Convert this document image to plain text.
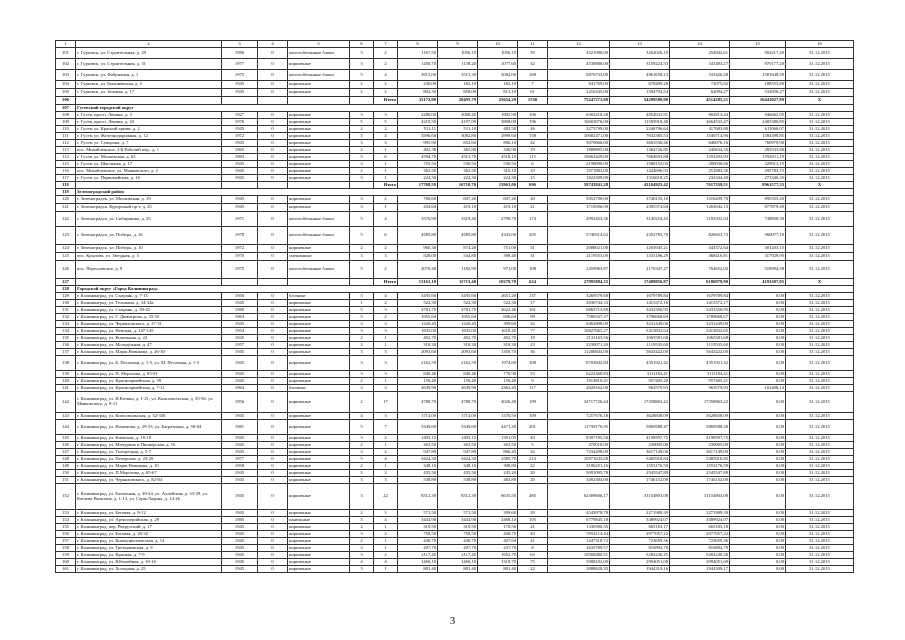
1	2	3	4	5	6	7	8	9	10	11	12	13	14	15	16
101	г. Гурьевск, ул. Строительная, д. 29	1986	0	железобетонные блоки	3	2	1167,50	1056,10	1056,10	50	4521086,00	3262026,19	254842,61	904217,20	31.12.2015
102	г. Гурьевск, ул. Строительная, д. 31	1977	0	кирпичные	3	2	1450,70	1138,20	1077,60	32	4530886,00	3159224,53	341484,27	970177,20	31.12.2015
103	г. Гурьевск, ул. Фабричная, д. 1	1975	0	железобетонные блоки	5	4	3915,00	3515,30	3082,00	168	6876733,00	4961658,23	333426,28	1581648,59	31.12.2015
104	г. Гурьевск, ул. Былинёвская, д. 2	1945	0	кирпичные	2	2	230,00	182,10	182,10	7	941769,00	678499,28	72075,82	188353,80	31.12.2015
105	г. Гурьевск, ул. Зеленая, д. 17	1945	0	кирпичные	2	2	802,30	858,00	813,10	61	2216345,00	1594794,54	62094,27	532856,27	31.12.2015
106						Итого	33172,00	28495,79	25654,29	1530	75247273,00	54299580,00	4514285,21	16441027,89	X
107	Гусевский городской округ														
108	г. Гусев, просп. Ленина, д. 3	1927	0	кирпичные	3	3	2286,00	2068,40	1905,90	106	6304418,28	4854941,91	802813,44	946662,95	31.12.2015
109	г. Гусев, просп. Ленина, д. 23	1976	0	кирпичные	5	5	4219,50	4197,00	3808,00	196	16603876,00	11583919,48	2664533,47	2405380,85	31.12.2015
110	г. Гусев, ул. Красной армии, д. 2	1945	0	кирпичные	2	2	511,11	511,10	482,50	26	3275799,00	2246796,64	417683,80	611066,07	31.12.2015
111	г. Гусев, ул. Железнодорожная, д. 12	1972	0	кирпичные	5	4	3596,60	3082,80	2999,60	158	10682471,00	7632385,53	1546714,96	1584399,85	31.12.2015
112	г. Гусев, ул. Суворова, д. 7	1945	0	кирпичные	3	3	995,90	852,60	806,10	42	5070666,00	3663536,46	646076,16	760979,90	31.12.2015
113	пос. Михайловское, 2-й Рабочий пер., д. 1	1965	0	кирпичные	2	1	402,38	365,80	330,90	19	1888895,00	1364726,85	240634,35	283533,80	31.12.2015
114	г. Гусев, ул. Московская, д. 63	1983	0	кирпичные	5	6	4594,70	4515,70	4518,10	115	10663429,00	7664693,88	1353203,93	1592011,19	31.12.2015
115	г. Гусев, ул. Школьная, д. 17	1945	0	кирпичные	3	1	755,50	530,50	530,50	6	2198090,00	1588152,03	280036,66	329913,19	31.12.2015
116	пос. Михайловское, ул. Маяковского, д. 2	1945	0	кирпичные	2	1	362,50	362,50	310,10	10	1971883,00	1424696,93	251683,36	295783,75	31.12.2015
117	г. Гусев, ул. Первомайская, д. 16	1945	0	кирпичные	3	1	224,30	224,30	224,30	15	1822309,00	1316618,25	232344,40	273346,35	31.12.2015
118						Итого	17768,59	16710,70	15963,00	696	59743841,28	43164925,42	7617339,51	8961577,55	X
119	Зеленоградский район														
120	г. Зеленоградск, ул. Московская, д. 19	1945	0	кирпичные	3	2	700,60	607,20	607,20	20	5952700,00	3746135,10	1316209,70	890355,20	31.12.2015
121	г. Зеленоградск, Курортный пр-т, д. 25	1945	0	кирпичные	3	1	434,60	419,10	419,10	21	3718596,00	2395574,60	1263042,13	877879,49	31.12.2015
122	г. Зеленоградск, ул. Сибирякова, д. 25	1971	0	железобетонные блоки	5	4	3576,90	3319,40	2798,70	174	4992453,36	3140254,43	1103332,64	748858,30	31.12.2015
123	г. Зеленоградск, ул. Победы, д. 16	1978	0	железобетонные блоки	5	6	4585,80	4585,80	4343,00	205	5740514,62	2352783,70	826653,73	560077,19	31.12.2015
124	г. Зеленоградск, ул. Победы, д. 10	1972	0	кирпичные	2	2	960,30	874,20	751,00	51	2008021,00	1263945,21	443372,64	301203,15	31.12.2015
125	пос. Крылова, ул. Звездная, д. 3	1970	0	смешанные	3	3	828,00	534,80	398,40	31	2119553,00	1333186,29	468416,81	317929,95	31.12.2015
126	пос. Переславское, д. 9	1975	0	железобетонные блоки	5	2	2070,40	1182,90	971,00	108	2459963,87	2176347,27	764652,02	518994,58	31.12.2015
127						Итого	13161,10	11715,40	10279,70	624	27995884,35	17409856,87	6186979,90	4193307,05	X
128	Городской округ «Город Калининград»														
129	г. Калининград, ул. Сызрань, д. 7-13	1956	0	блочные	5	4	3495,60	3495,60	2651,20	137	3269579,68	1679789,84	1679789,84	0,00	31.12.2015
130	г. Калининград, ул. Тельмана, д. 34-34а	1945	0	кирпичные	1	2	522,30	522,30	522,30	17	2830744,33	1415372,16	1415372,17	0,00	31.12.2015
131	г. Калининград, ул. Сызрань, д. 39-45	1980	0	кирпичные	5	3	2781,70	2781,70	2622,40	161	6865713,89	3432356,95	3433356,95	0,00	31.12.2015
132	г. Калининград, ул. Г. Димитрова, д. 35-35	1963	0	кирпичные	5	2	1955,60	1955,60	696,60	99	7580337,37	3790668,69	3789668,67	0,00	31.12.2015
133	г. Калининград, ул. Черняховского, д. 27-31	1945	0	кирпичные	3	3	1220,40	1220,40	399,60	32	6462898,00	3231449,00	3231449,00	0,00	31.12.2015
134	г. Калининград, ул. Невская, д. 147-145	1954	0	кирпичные	3	3	1835,00	1835,00	1618,40	77	10827665,27	5413832,64	5413832,65	0,00	31.12.2015
135	г. Калининград, ул. Ковальная, д. 22	1945	0	кирпичные	2	1	402,70	402,70	402,70	18	2131163,56	1065581,68	1065581,68	0,00	31.12.2015
136	г. Калининград, ул. Молодёжная, д. 47	1957	0	кирпичные	2	1	318,30	318,30	318,30	23	2239071,20	1119535,60	1119535,60	0,00	31.12.2015
137	г. Калининград, ул. Марш.Новикова, д. 26-30	1945	0	кирпичные	3	3	2093,60	2093,60	1350,70	36	11286844,00	5643422,00	5643422,00	0,00	31.12.2015
138	г. Калининград, ул. Б. Песочная, д. 1-5, ул. М. Песочная, д. 1-3	1945	0	кирпичные	3	3	2162,59	2162,59	1974,60	108	8703842,84	4351921,42	4351921,42	0,00	31.12.2015
139	г. Калининград, ул. П. Морозова, д. 85-91	1945	0	кирпичные	3	3	840,40	840,40	770,90	53	6222368,83	3111184,41	3111184,41	0,00	31.12.2015
140	г. Калининград, ул. Красноармейская, д. 39	1945	0	кирпичные	2	1	156,40	156,40	156,40	9	1914810,41	957405,20	957405,21	0,00	31.12.2015
141	г. Калининград, ул. Красноармейская, д. 7-11	1964	0	блочные	3	3	2639,90	2639,90	2362,40	117	2028162,00	963579,93	963579,93	101408,14	31.12.2015
142	г. Калининград, ул. И.Котика, д. 1-21, ул. Комсомольская, д. 55-56, ул. Маяковского, д. 9-11	1956	0	кирпичные	2	17	4788,70	4788,70	4026,40	109	34717726,44	17358863,22	17358863,22	0,00	31.12.2015
143	г. Калининград, ул. Комсомольская, д. 32-336	1945	0	кирпичные	4	3	1714,00	1714,00	1370,50	109	7257676,18	3628838,09	3628838,09	0,00	31.12.2015
144	г. Калининград, ул. Нахимова, д. 29-33, ул. Багратиона, д. 58-64	1981	0	кирпичные	5	7	5349,60	5349,60	4471,20	201	11739176,95	5869588,47	5869588,48	0,00	31.12.2015
145	г. Калининград, ул. Киевская, д. 16-18	1945	0	кирпичные	3	2	1493,15	1493,15	1391,05	43	8397195,50	4198597,75	4198597,75	0,00	31.12.2015
146	г. Калининград, ул. Мичурина и Пионерская, д. 16	1945	0	кирпичные	2	1	263,50	263,50	263,50	5	470010,00	239005,00	239005,00	0,00	31.12.2015
147	г. Калининград, ул. Тихорецкая, д. 5-7	1945	0	кирпичные	3	2	947,80	947,80	866,40	32	7234298,00	3617149,00	3617149,00	0,00	31.12.2015
148	г. Калининград, ул. Печерская, д. 23-29	1977	0	кирпичные	5	4	3424,30	3424,30	2585,70	213	10971635,69	5485918,84	5485916,85	0,00	31.12.2015
149	г. Калининград, ул. Марш.Новикова, д. 10	1958	0	кирпичные	2	1	348,10	348,10	308,80	22	3106251,16	1553176,59	1553176,59	0,00	31.12.2015
150	г. Калининград, ул. П.Морозова, д. 65-67	1945	0	кирпичные	3	2	435,50	435,50	245,20	20	5091095,78	2545547,89	2545547,89	0,00	31.12.2015
151	г. Калининград, ул. Черняховского, д. 82-84	1945	0	кирпичные	3	3	538,80	538,80	483,80	20	3492304,00	1746152,00	1746152,00	0,00	31.12.2015
152	г. Калининград, ул. Батальная, д. 38-44, ул. Аллейская, д. 33-39, ул. Катаева-Вальтана, д. 1-13, ул. Серж.Ладина, д. 14-26	1945	0	кирпичные	3	22	8312,30	8312,30	6635,50	485	62309606,17	31154803,08	31154803,08	0,00	31.12.2015
153	г. Калининград, ул. Беговая, д. 8-12	1945	0	кирпичные	2	3	571,50	571,50	399,60	29	4543978,78	2271989,39	2271989,39	0,00	31.12.2015
154	г. Калининград, ул. Артиллерийская, д. 29	1985	0	панельные	5	4	3444,90	3444,90	2468,10	195	6779845,18	3389924,07	3389924,07	0,00	31.12.2015
155	г. Калининград, пер. Рекрутский, д. 17	1945	0	кирпичные	2	1	310,50	310,50	170,50	21	1330396,35	665183,17	665183,18	0,00	31.12.2015
156	г. Калининград, ул. Беговая, д. 26-32	1945	0	кирпичные	3	2	758,50	758,50	438,70	43	5954114,44	2977057,22	2977057,22	0,00	31.12.2015
157	г. Калининград, ул. Коммунистическая, д. 14	1945	0	кирпичные	2	1	440,70	440,70	407,60	41	1447318,72	723659,36	723659,36	0,00	31.12.2015
158	г. Калининград, ул. Третьяковская, д. 9	1945	0	кирпичные	3	1	297,70	297,70	237,70	8	1633789,57	816894,78	816894,79	0,00	31.12.2015
159	г. Калининград, ул. Красная, д. 7-9	1945	0	кирпичные	3	2	2117,40	2117,40	1952,70	63	10568480,51	5284240,25	5284240,26	0,00	31.12.2015
160	г. Калининград, ул. Юбилейная, д. 10-16	1945	0	кирпичные	4	4	1460,10	1460,10	1318,70	75	5988102,00	2994051,00	2994051,00	0,00	31.12.2015
161	г. Калининград, ул. Холодная, д. 25	1945	0	кирпичные	3	1	881,40	881,40	881,40	22	3888628,33	1944319,16	1944309,17	0,00	31.12.2015
3
